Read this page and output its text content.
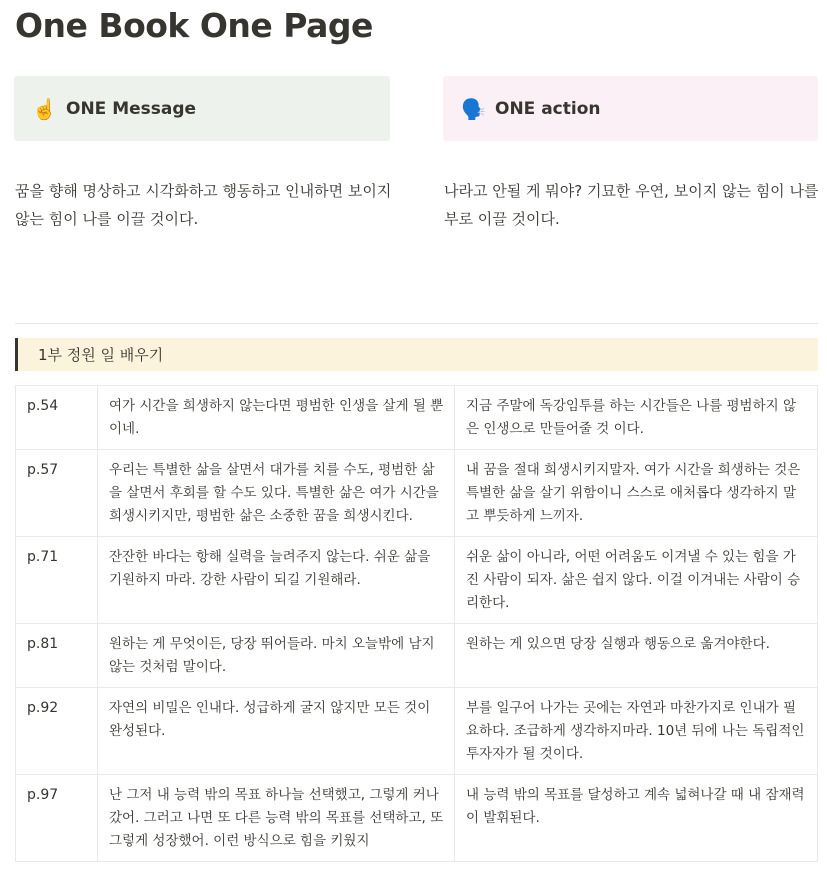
One Book One Page
☝️ ONE Message	🗣️ ONE action
꿈을 향해 명상하고 시각화하고 행동하고 인내하면 보이지 않는 힘이 나를 이끌 것이다.
나라고 안될 게 뭐야? 기묘한 우연, 보이지 않는 힘이 나를 부로 이끌 것이다.
1부 정원 일 배우기
p.54	여가 시간을 희생하지 않는다면 평범한 인생을 살게 될 뿐이네.	지금 주말에 독강임투를 하는 시간들은 나를 평범하지 않은 인생으로 만들어줄 것 이다.
p.57	우리는 특별한 삶을 살면서 대가를 치를 수도, 평범한 삶을 살면서 후회를 할 수도 있다. 특별한 삶은 여가 시간을 희생시키지만, 평범한 삶은 소중한 꿈을 희생시킨다.	내 꿈을 절대 희생시키지말자. 여가 시간을 희생하는 것은 특별한 삶을 살기 위함이니 스스로 애처롭다 생각하지 말고 뿌듯하게 느끼자.
p.71	잔잔한 바다는 항해 실력을 늘려주지 않는다. 쉬운 삶을 기원하지 마라. 강한 사람이 되길 기원해라.	쉬운 삶이 아니라, 어떤 어려움도 이겨낼 수 있는 힘을 가진 사람이 되자. 삶은 쉽지 않다. 이걸 이겨내는 사람이 승리한다.
p.81	원하는 게 무엇이든, 당장 뛰어들라. 마치 오늘밖에 남지 않는 것처럼 말이다.	원하는 게 있으면 당장 실행과 행동으로 옮겨야한다.
p.92	자연의 비밀은 인내다. 성급하게 굴지 않지만 모든 것이 완성된다.	부를 일구어 나가는 곳에는 자연과 마찬가지로 인내가 필요하다. 조급하게 생각하지마라. 10년 뒤에 나는 독립적인 투자자가 될 것이다.
p.97	난 그저 내 능력 밖의 목표 하나늘 선택했고, 그렇게 커나갔어. 그러고 나면 또 다른 능력 밖의 목표를 선택하고, 또 그렇게 성장했어. 이런 방식으로 힘을 키웠지	내 능력 밖의 목표를 달성하고 계속 넓혀나갈 때 내 잠재력이 발휘된다.
